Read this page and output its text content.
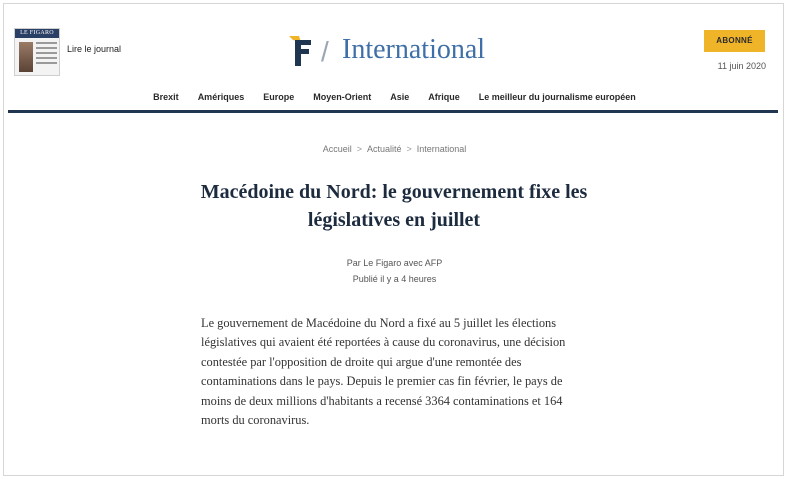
LE FIGARO
Lire le journal	/ International	ABONNÉ
11 juin 2020
Brexit Amériques Europe Moyen-Orient Asie Afrique Le meilleur du journalisme européen
Accueil > Actualité > International
Macédoine du Nord: le gouvernement fixe les législatives en juillet
Par Le Figaro avec AFP
Publié il y a 4 heures

Le gouvernement de Macédoine du Nord a fixé au 5 juillet les élections législatives qui avaient été reportées à cause du coronavirus, une décision contestée par l'opposition de droite qui argue d'une remontée des contaminations dans le pays. Depuis le premier cas fin février, le pays de moins de deux millions d'habitants a recensé 3364 contaminations et 164 morts du coronavirus.
